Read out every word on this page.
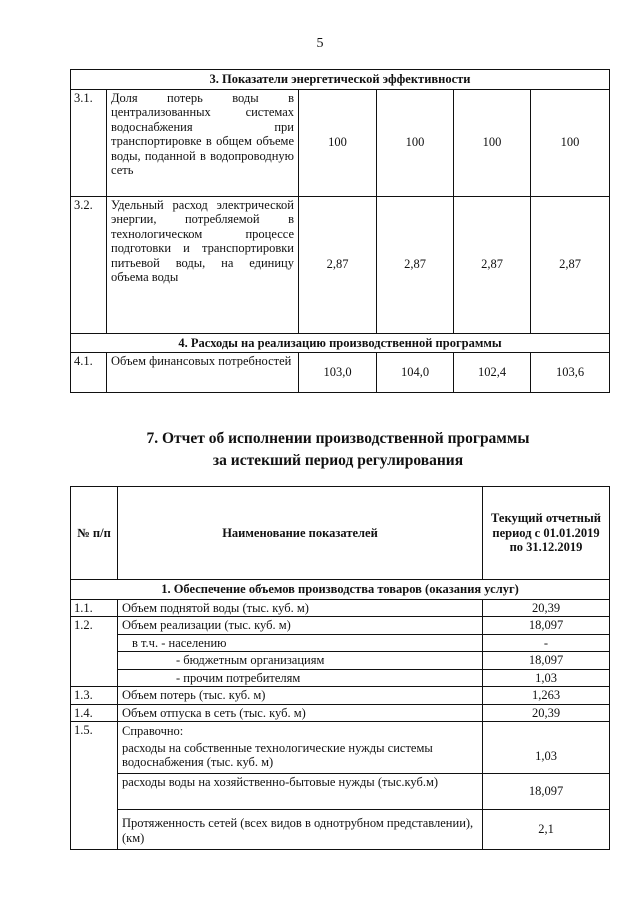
5
3. Показатели энергетической эффективности					
3.1.	Доля потерь воды в централизованных системах водоснабжения при транспортировке в общем объеме воды, поданной в водопроводную сеть	100	100	100	100
3.2.	Удельный расход электрической энергии, потребляемой в технологическом процессе подготовки и транспортировки питьевой воды, на единицу объема воды	2,87	2,87	2,87	2,87
4. Расходы на реализацию производственной программы					
4.1.	Объем финансовых потребностей	103,0	104,0	102,4	103,6
7. Отчет об исполнении производственной программы
за истекший период регулирования
№ п/п	Наименование показателей	Текущий отчетный период с 01.01.2019 по 31.12.2019
1. Обеспечение объемов производства товаров (оказания услуг)		
1.1.	Объем поднятой воды (тыс. куб. м)	20,39
1.2.	Объем реализации (тыс. куб. м)	18,097
	в т.ч. - населению	-
	- бюджетным организациям	18,097
	- прочим потребителям	1,03
1.3.	Объем потерь (тыс. куб. м)	1,263
1.4.	Объем отпуска в сеть (тыс. куб. м)	20,39
1.5.	Справочно:	
	расходы на собственные технологические нужды системы водоснабжения (тыс. куб. м)	1,03
	расходы воды на хозяйственно-бытовые нужды (тыс.куб.м)	18,097
	Протяженность сетей (всех видов в однотрубном представлении), (км)	2,1
